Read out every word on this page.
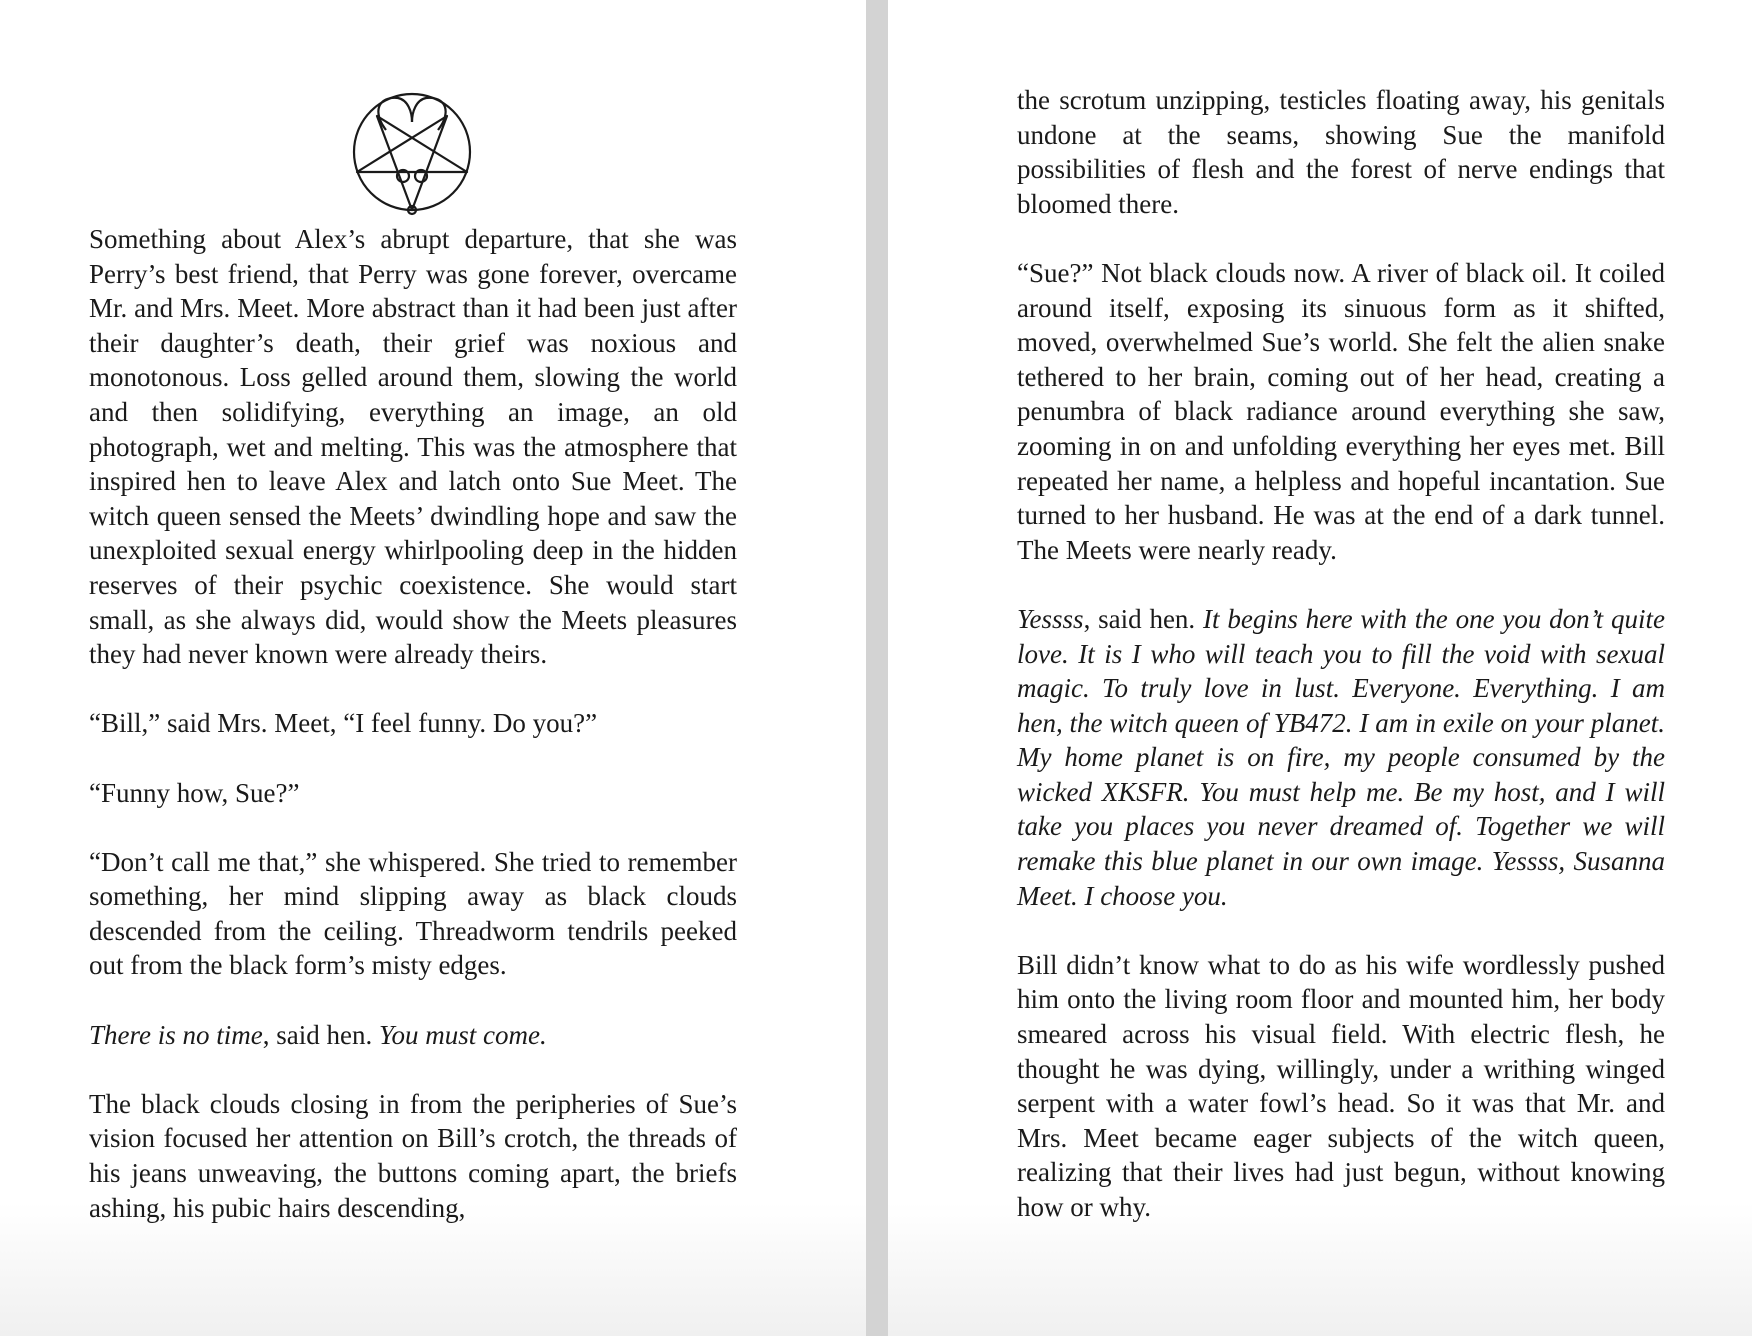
Something about Alex’s abrupt departure, that she was Perry’s best friend, that Perry was gone forever, overcame Mr. and Mrs. Meet. More abstract than it had been just after their daughter’s death, their grief was noxious and monotonous. Loss gelled around them, slowing the world and then solidifying, everything an image, an old photograph, wet and melting. This was the atmosphere that inspired hen to leave Alex and latch onto Sue Meet. The witch queen sensed the Meets’ dwindling hope and saw the unexploited sexual energy whirlpooling deep in the hidden reserves of their psychic coexistence. She would start small, as she always did, would show the Meets pleasures they had never known were already theirs.

“Bill,” said Mrs. Meet, “I feel funny. Do you?”

“Funny how, Sue?”

“Don’t call me that,” she whispered. She tried to remember something, her mind slipping away as black clouds descended from the ceiling. Threadworm tendrils peeked out from the black form’s misty edges.

There is no time, said hen. You must come.

The black clouds closing in from the peripheries of Sue’s vision focused her attention on Bill’s crotch, the threads of his jeans unweaving, the buttons coming apart, the briefs ashing, his pubic hairs descending,

the scrotum unzipping, testicles floating away, his genitals undone at the seams, showing Sue the manifold possibilities of flesh and the forest of nerve endings that bloomed there.

“Sue?” Not black clouds now. A river of black oil. It coiled around itself, exposing its sinuous form as it shifted, moved, overwhelmed Sue’s world. She felt the alien snake tethered to her brain, coming out of her head, creating a penumbra of black radiance around everything she saw, zooming in on and unfolding everything her eyes met. Bill repeated her name, a helpless and hopeful incantation. Sue turned to her husband. He was at the end of a dark tunnel. The Meets were nearly ready.

Yessss, said hen. It begins here with the one you don’t quite love. It is I who will teach you to fill the void with sexual magic. To truly love in lust. Everyone. Everything. I am hen, the witch queen of YB472. I am in exile on your planet. My home planet is on fire, my people consumed by the wicked XKSFR. You must help me. Be my host, and I will take you places you never dreamed of. Together we will remake this blue planet in our own image. Yessss, Susanna Meet. I choose you.

Bill didn’t know what to do as his wife wordlessly pushed him onto the living room floor and mounted him, her body smeared across his visual field. With electric flesh, he thought he was dying, willingly, under a writhing winged serpent with a water fowl’s head. So it was that Mr. and Mrs. Meet became eager subjects of the witch queen, realizing that their lives had just begun, without knowing how or why.
